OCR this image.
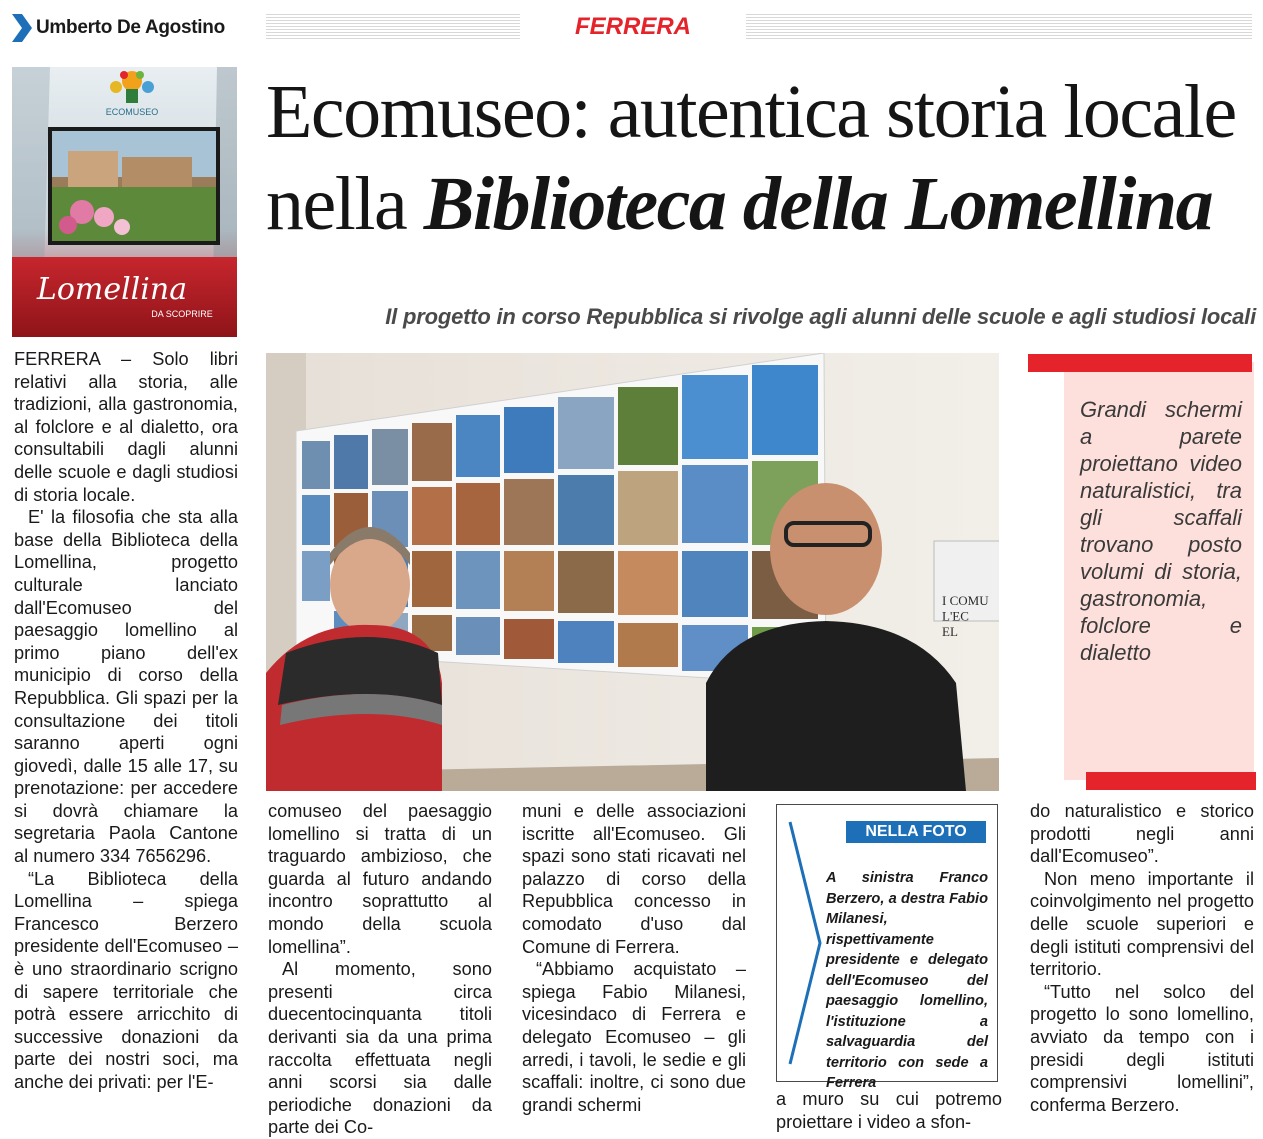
Umberto De Agostino	FERRERA
Ecomuseo: autentica storia locale
nella Biblioteca della Lomellina
Il progetto in corso Repubblica si rivolge agli alunni delle scuole e agli studiosi locali
ECOMUSEO
Lomellina
DA SCOPRIRE
I COMU L'EC EL

FERRERA – Solo libri relativi alla storia, alle tradizioni, alla gastronomia, al folclore e al dialetto, ora consultabili dagli alunni delle scuole e dagli studiosi di storia locale.

E' la filosofia che sta alla base della Biblioteca della Lomellina, progetto culturale lanciato dall'Ecomuseo del paesaggio lomellino al primo piano dell'ex municipio di corso della Repubblica. Gli spazi per la consultazione dei titoli saranno aperti ogni giovedì, dalle 15 alle 17, su prenotazione: per accedere si dovrà chiamare la segretaria Paola Cantone al numero 334 7656296.

“La Biblioteca della Lomellina – spiega Francesco Berzero presidente dell'Ecomuseo – è uno straordinario scrigno di sapere territoriale che potrà essere arricchito di successive donazioni da parte dei nostri soci, ma anche dei privati: per l'E-

comuseo del paesaggio lomellino si tratta di un traguardo ambizioso, che guarda al futuro andando incontro soprattutto al mondo della scuola lomellina”.

Al momento, sono presenti circa duecentocinquanta titoli derivanti sia da una prima raccolta effettuata negli anni scorsi sia dalle periodiche donazioni da parte dei Co-

muni e delle associazioni iscritte all'Ecomuseo. Gli spazi sono stati ricavati nel palazzo di corso della Repubblica concesso in comodato d'uso dal Comune di Ferrera.

“Abbiamo acquistato – spiega Fabio Milanesi, vicesindaco di Ferrera e delegato Ecomuseo – gli arredi, i tavoli, le sedie e gli scaffali: inoltre, ci sono due grandi schermi

NELLA FOTO
A sinistra Franco Berzero, a destra Fabio Milanesi, rispettivamente presidente e delegato dell'Ecomuseo del paesaggio lomellino, l'istituzione a salvaguardia del territorio con sede a Ferrera

a muro su cui potremo proiettare i video a sfon-

Grandi schermi a parete proiettano video naturalistici, tra gli scaffali trovano posto volumi di storia, gastronomia, folclore e dialetto

do naturalistico e storico prodotti negli anni dall'Ecomuseo”.

Non meno importante il coinvolgimento nel progetto delle scuole superiori e degli istituti comprensivi del territorio.

“Tutto nel solco del progetto lo sono lomellino, avviato da tempo con i presidi degli istituti comprensivi lomellini”, conferma Berzero.
